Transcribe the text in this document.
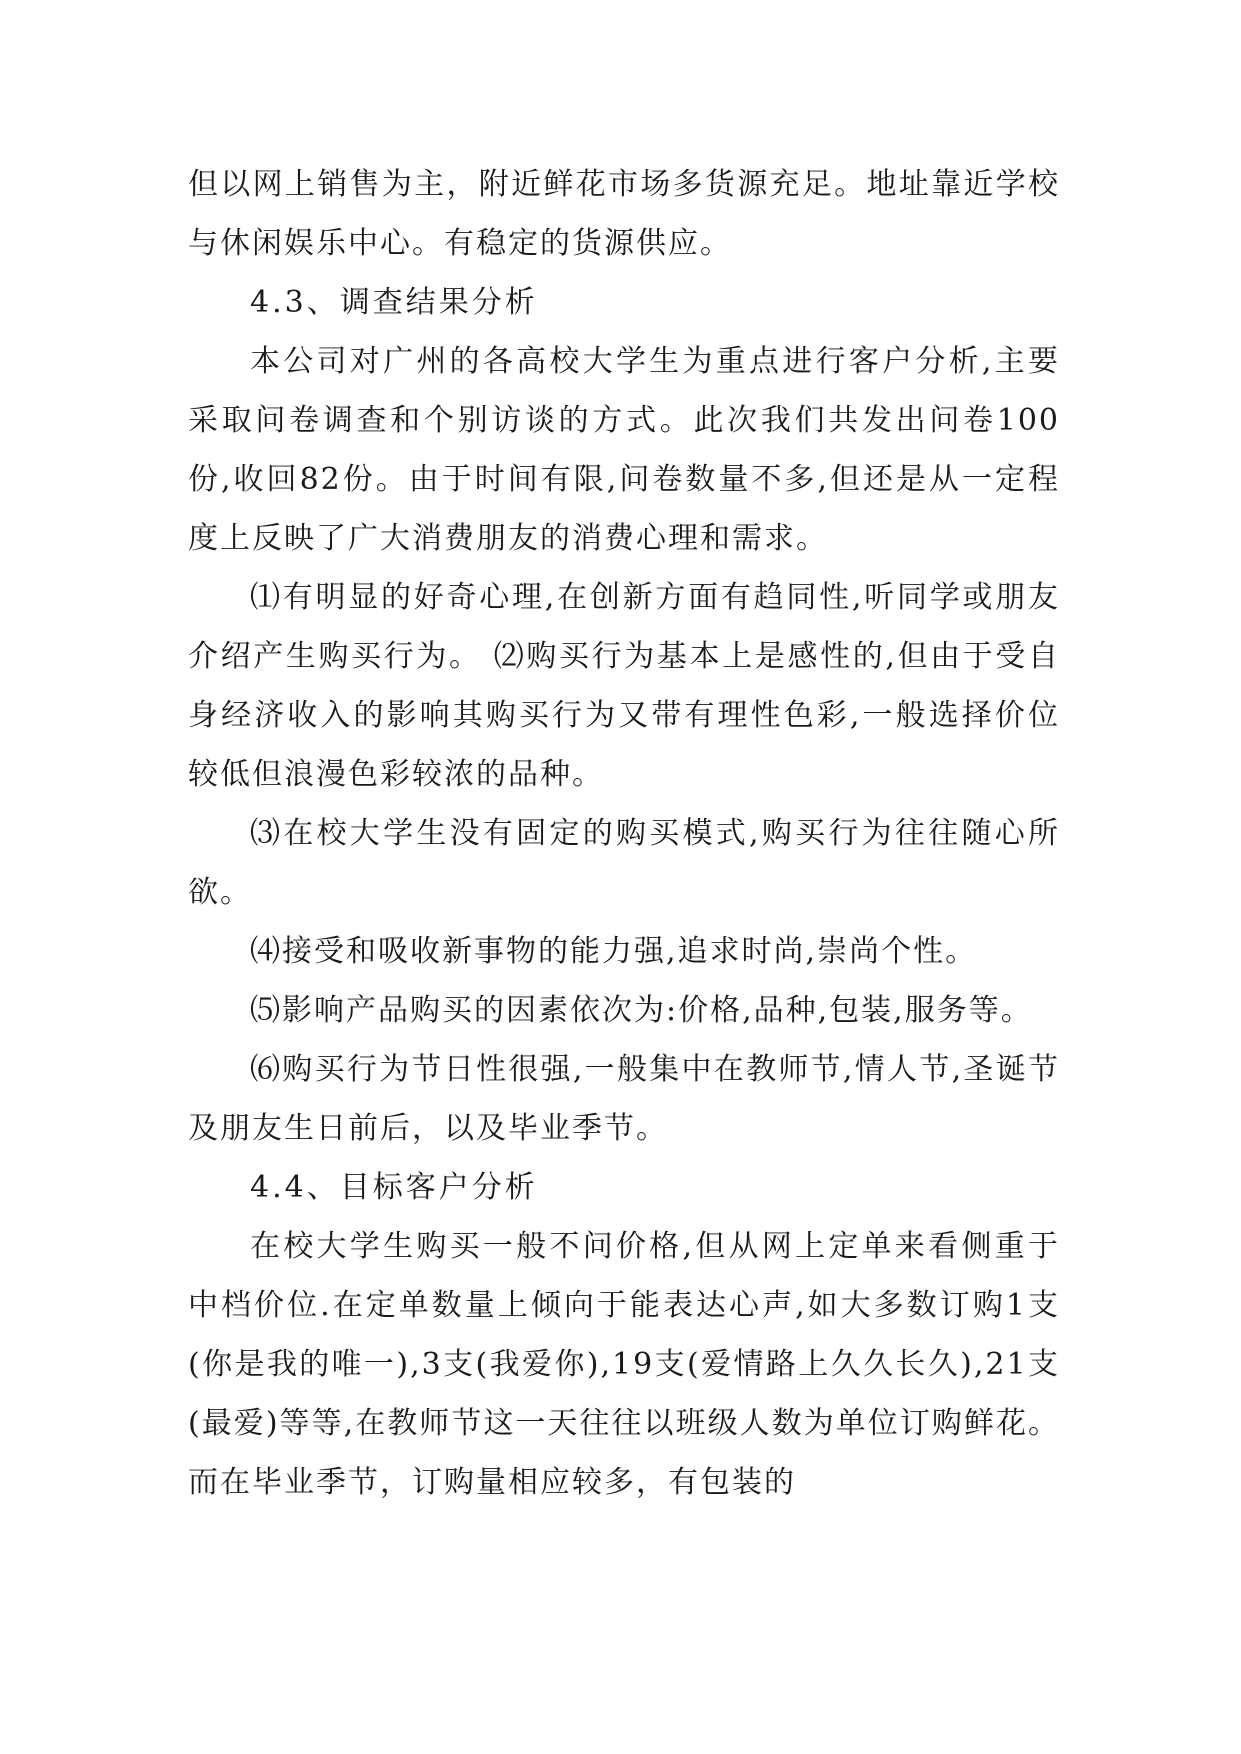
但以网上销售为主，附近鲜花市场多货源充足。地址靠近学校与休闲娱乐中心。有稳定的货源供应。

4.3、调查结果分析

本公司对广州的各高校大学生为重点进行客户分析,主要采取问卷调查和个别访谈的方式。此次我们共发出问卷100份,收回82份。由于时间有限,问卷数量不多,但还是从一定程度上反映了广大消费朋友的消费心理和需求。

⑴有明显的好奇心理,在创新方面有趋同性,听同学或朋友介绍产生购买行为。 ⑵购买行为基本上是感性的,但由于受自身经济收入的影响其购买行为又带有理性色彩,一般选择价位较低但浪漫色彩较浓的品种。

⑶在校大学生没有固定的购买模式,购买行为往往随心所欲。

⑷接受和吸收新事物的能力强,追求时尚,崇尚个性。

⑸影响产品购买的因素依次为:价格,品种,包装,服务等。

⑹购买行为节日性很强,一般集中在教师节,情人节,圣诞节及朋友生日前后，以及毕业季节。

4.4、目标客户分析

在校大学生购买一般不问价格,但从网上定单来看侧重于中档价位.在定单数量上倾向于能表达心声,如大多数订购1支(你是我的唯一),3支(我爱你),19支(爱情路上久久长久),21支(最爱)等等,在教师节这一天往往以班级人数为单位订购鲜花。而在毕业季节，订购量相应较多，有包装的
